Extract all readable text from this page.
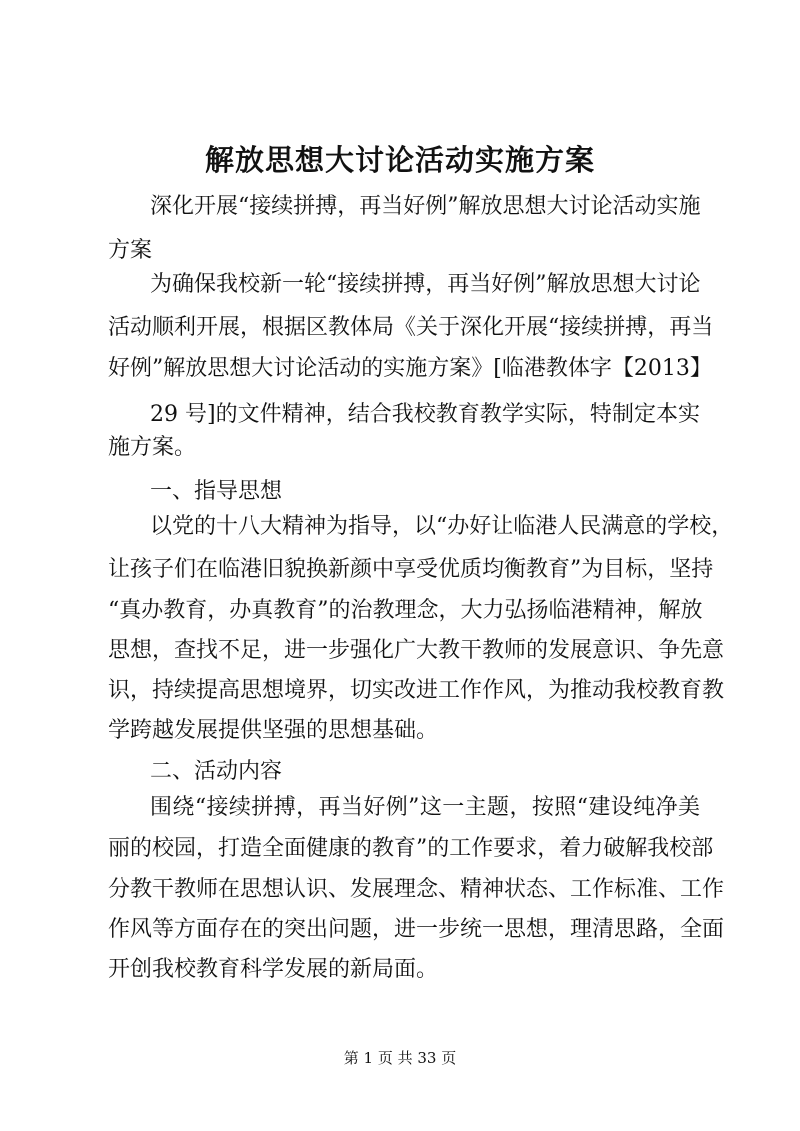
解放思想大讨论活动实施方案
深化开展“接续拼搏，再当好例”解放思想大讨论活动实施
方案
为确保我校新一轮“接续拼搏，再当好例”解放思想大讨论
活动顺利开展，根据区教体局《关于深化开展“接续拼搏，再当
好例”解放思想大讨论活动的实施方案》[临港教体字【2013】
29 号]的文件精神，结合我校教育教学实际，特制定本实
施方案。
一、指导思想
以党的十八大精神为指导，以“办好让临港人民满意的学校，
让孩子们在临港旧貌换新颜中享受优质均衡教育”为目标，坚持
“真办教育，办真教育”的治教理念，大力弘扬临港精神，解放
思想，查找不足，进一步强化广大教干教师的发展意识、争先意
识，持续提高思想境界，切实改进工作作风，为推动我校教育教
学跨越发展提供坚强的思想基础。
二、活动内容
围绕“接续拼搏，再当好例”这一主题，按照“建设纯净美
丽的校园，打造全面健康的教育”的工作要求，着力破解我校部
分教干教师在思想认识、发展理念、精神状态、工作标准、工作
作风等方面存在的突出问题，进一步统一思想，理清思路，全面
开创我校教育科学发展的新局面。
第 1 页 共 33 页
